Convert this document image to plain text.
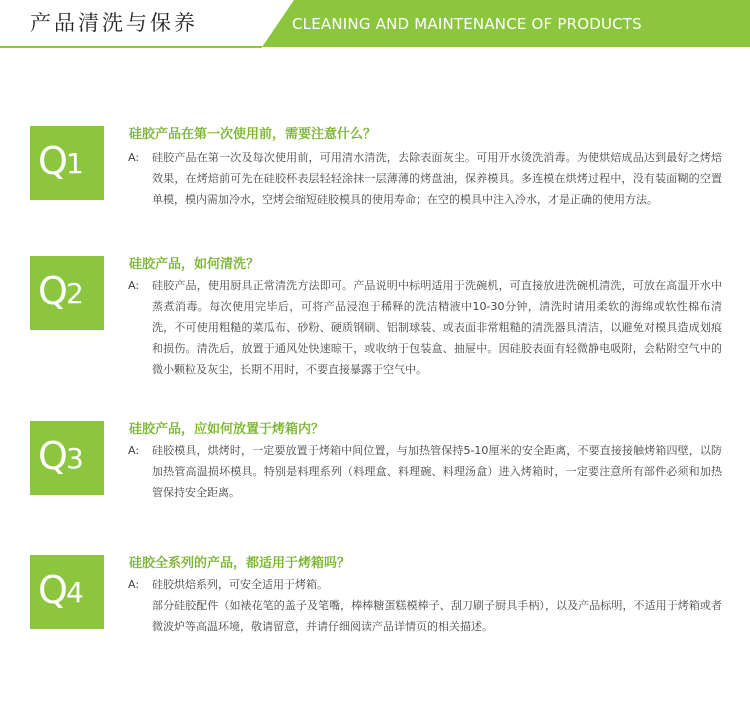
产品清洗与保养	CLEANING AND MAINTENANCE OF PRODUCTS
Q
1
硅胶产品在第一次使用前，需要注意什么？
A: 硅胶产品在第一次及每次使用前，可用清水清洗，去除表面灰尘。可用开水烫洗消毒。为使烘焙成品达到最好之烤焙效果，在烤焙前可先在硅胶杯表层轻轻涂抹一层薄薄的烤盘油，保养模具。多连模在烘烤过程中，没有装面糊的空置单模，模内需加冷水，空烤会缩短硅胶模具的使用寿命；在空的模具中注入冷水，才是正确的使用方法。
Q
2
硅胶产品，如何清洗？
A: 硅胶产品，使用厨具正常清洗方法即可。产品说明中标明适用于洗碗机，可直接放进洗碗机清洗，可放在高温开水中蒸煮消毒。每次使用完毕后，可将产品浸泡于稀释的洗洁精液中10-30分钟，清洗时请用柔软的海绵或软性棉布清洗，不可使用粗糙的菜瓜布、砂粉、硬质钢刷、铝制球装、或表面非常粗糙的清洗器具清洁，以避免对模具造成划痕和损伤。清洗后，放置于通风处快速晾干，或收纳于包装盒、抽屉中。因硅胶表面有轻微静电吸附，会粘附空气中的微小颗粒及灰尘，长期不用时，不要直接暴露于空气中。
Q
3
硅胶产品，应如何放置于烤箱内？
A: 硅胶模具，烘烤时，一定要放置于烤箱中间位置，与加热管保持5-10厘米的安全距离，不要直接接触烤箱四壁，以防加热管高温损坏模具。特别是料理系列（料理盒、料理碗、料理汤盒）进入烤箱时，一定要注意所有部件必须和加热管保持安全距离。
Q
4
硅胶全系列的产品，都适用于烤箱吗？
A: 硅胶烘焙系列，可安全适用于烤箱。
部分硅胶配件（如裱花笔的盖子及笔嘴，棒棒糖蛋糕模棒子、刮刀刷子厨具手柄），以及产品标明，不适用于烤箱或者微波炉等高温环境，敬请留意，并请仔细阅读产品详情页的相关描述。
